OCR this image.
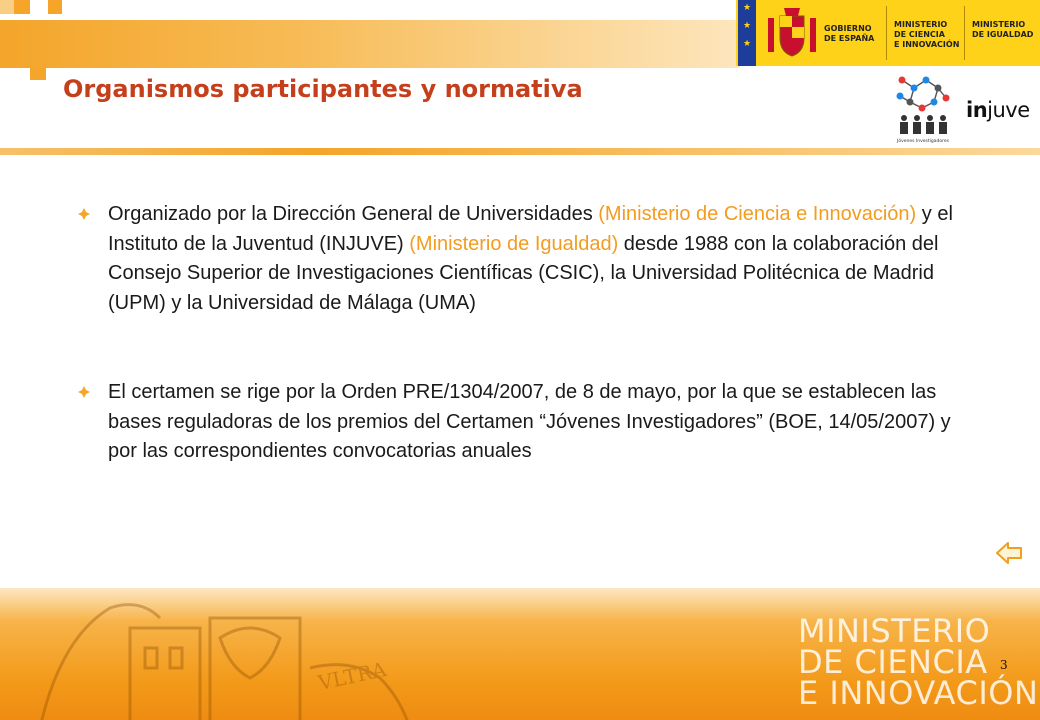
★
★
★
GOBIERNO
DE ESPAÑA
MINISTERIO
DE CIENCIA
E INNOVACIÓN
MINISTERIO
DE IGUALDAD
Organismos participantes y normativa
Jóvenes Investigadores
injuve

Organizado por la Dirección General de Universidades (Ministerio de Ciencia e Innovación) y el Instituto de la Juventud (INJUVE) (Ministerio de Igualdad) desde 1988 con la colaboración del Consejo Superior de Investigaciones Científicas (CSIC), la Universidad Politécnica de Madrid (UPM) y la Universidad de Málaga (UMA)

El certamen se rige por la Orden PRE/1304/2007, de 8 de mayo, por la que se establecen las bases reguladoras de los premios del Certamen “Jóvenes Investigadores” (BOE, 14/05/2007) y por las correspondientes convocatorias anuales

VLTRA
MINISTERIO
DE CIENCIA
E INNOVACIÓN
3
